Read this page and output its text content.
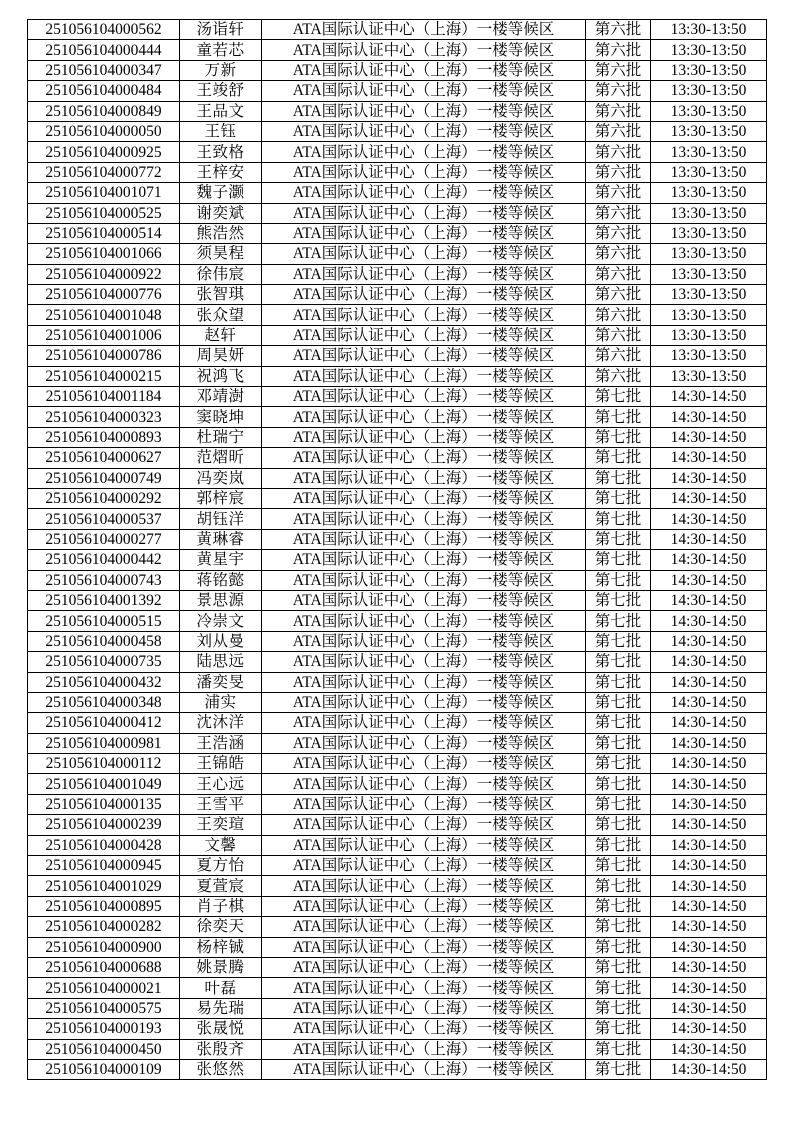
251056104000562	汤诣轩	ATA国际认证中心（上海）一楼等候区	第六批	13:30-13:50
251056104000444	童若芯	ATA国际认证中心（上海）一楼等候区	第六批	13:30-13:50
251056104000347	万新	ATA国际认证中心（上海）一楼等候区	第六批	13:30-13:50
251056104000484	王竣舒	ATA国际认证中心（上海）一楼等候区	第六批	13:30-13:50
251056104000849	王品文	ATA国际认证中心（上海）一楼等候区	第六批	13:30-13:50
251056104000050	王钰	ATA国际认证中心（上海）一楼等候区	第六批	13:30-13:50
251056104000925	王致格	ATA国际认证中心（上海）一楼等候区	第六批	13:30-13:50
251056104000772	王梓安	ATA国际认证中心（上海）一楼等候区	第六批	13:30-13:50
251056104001071	魏子灏	ATA国际认证中心（上海）一楼等候区	第六批	13:30-13:50
251056104000525	谢奕斌	ATA国际认证中心（上海）一楼等候区	第六批	13:30-13:50
251056104000514	熊浩然	ATA国际认证中心（上海）一楼等候区	第六批	13:30-13:50
251056104001066	须昊程	ATA国际认证中心（上海）一楼等候区	第六批	13:30-13:50
251056104000922	徐伟宸	ATA国际认证中心（上海）一楼等候区	第六批	13:30-13:50
251056104000776	张智琪	ATA国际认证中心（上海）一楼等候区	第六批	13:30-13:50
251056104001048	张众望	ATA国际认证中心（上海）一楼等候区	第六批	13:30-13:50
251056104001006	赵轩	ATA国际认证中心（上海）一楼等候区	第六批	13:30-13:50
251056104000786	周昊妍	ATA国际认证中心（上海）一楼等候区	第六批	13:30-13:50
251056104000215	祝鸿飞	ATA国际认证中心（上海）一楼等候区	第六批	13:30-13:50
251056104001184	邓靖澍	ATA国际认证中心（上海）一楼等候区	第七批	14:30-14:50
251056104000323	窦晓坤	ATA国际认证中心（上海）一楼等候区	第七批	14:30-14:50
251056104000893	杜瑞宁	ATA国际认证中心（上海）一楼等候区	第七批	14:30-14:50
251056104000627	范熠昕	ATA国际认证中心（上海）一楼等候区	第七批	14:30-14:50
251056104000749	冯奕岚	ATA国际认证中心（上海）一楼等候区	第七批	14:30-14:50
251056104000292	郭梓宸	ATA国际认证中心（上海）一楼等候区	第七批	14:30-14:50
251056104000537	胡钰洋	ATA国际认证中心（上海）一楼等候区	第七批	14:30-14:50
251056104000277	黄琳睿	ATA国际认证中心（上海）一楼等候区	第七批	14:30-14:50
251056104000442	黄星宇	ATA国际认证中心（上海）一楼等候区	第七批	14:30-14:50
251056104000743	蒋铭懿	ATA国际认证中心（上海）一楼等候区	第七批	14:30-14:50
251056104001392	景思源	ATA国际认证中心（上海）一楼等候区	第七批	14:30-14:50
251056104000515	冷崇文	ATA国际认证中心（上海）一楼等候区	第七批	14:30-14:50
251056104000458	刘从曼	ATA国际认证中心（上海）一楼等候区	第七批	14:30-14:50
251056104000735	陆思远	ATA国际认证中心（上海）一楼等候区	第七批	14:30-14:50
251056104000432	潘奕旻	ATA国际认证中心（上海）一楼等候区	第七批	14:30-14:50
251056104000348	浦实	ATA国际认证中心（上海）一楼等候区	第七批	14:30-14:50
251056104000412	沈沐洋	ATA国际认证中心（上海）一楼等候区	第七批	14:30-14:50
251056104000981	王浩涵	ATA国际认证中心（上海）一楼等候区	第七批	14:30-14:50
251056104000112	王锦皓	ATA国际认证中心（上海）一楼等候区	第七批	14:30-14:50
251056104001049	王心远	ATA国际认证中心（上海）一楼等候区	第七批	14:30-14:50
251056104000135	王雪平	ATA国际认证中心（上海）一楼等候区	第七批	14:30-14:50
251056104000239	王奕瑄	ATA国际认证中心（上海）一楼等候区	第七批	14:30-14:50
251056104000428	文馨	ATA国际认证中心（上海）一楼等候区	第七批	14:30-14:50
251056104000945	夏方怡	ATA国际认证中心（上海）一楼等候区	第七批	14:30-14:50
251056104001029	夏萱宸	ATA国际认证中心（上海）一楼等候区	第七批	14:30-14:50
251056104000895	肖子棋	ATA国际认证中心（上海）一楼等候区	第七批	14:30-14:50
251056104000282	徐奕天	ATA国际认证中心（上海）一楼等候区	第七批	14:30-14:50
251056104000900	杨梓铖	ATA国际认证中心（上海）一楼等候区	第七批	14:30-14:50
251056104000688	姚景腾	ATA国际认证中心（上海）一楼等候区	第七批	14:30-14:50
251056104000021	叶磊	ATA国际认证中心（上海）一楼等候区	第七批	14:30-14:50
251056104000575	易先瑞	ATA国际认证中心（上海）一楼等候区	第七批	14:30-14:50
251056104000193	张晟悦	ATA国际认证中心（上海）一楼等候区	第七批	14:30-14:50
251056104000450	张殷齐	ATA国际认证中心（上海）一楼等候区	第七批	14:30-14:50
251056104000109	张悠然	ATA国际认证中心（上海）一楼等候区	第七批	14:30-14:50
